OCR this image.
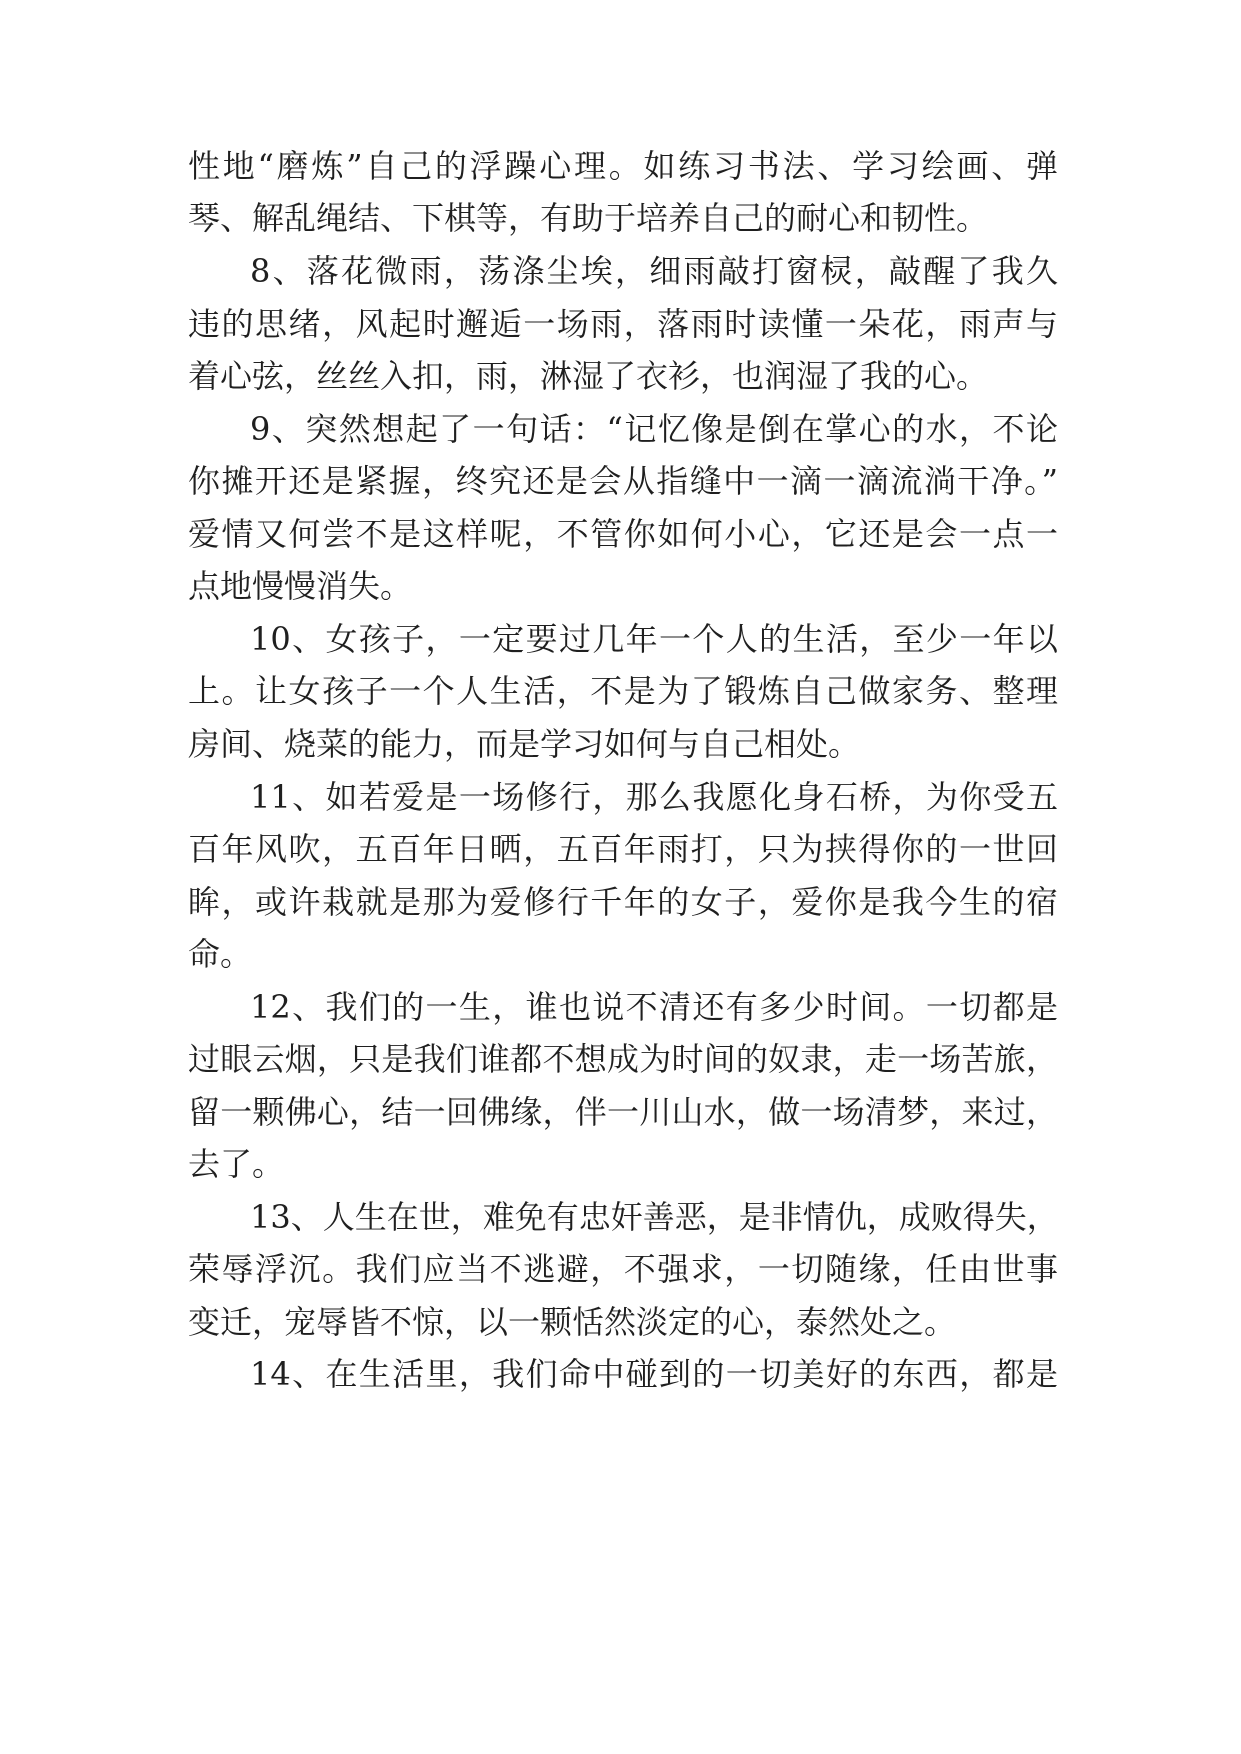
性地“磨炼”自己的浮躁心理。如练习书法、学习绘画、弹
琴、解乱绳结、下棋等，有助于培养自己的耐心和韧性。
8、落花微雨，荡涤尘埃，细雨敲打窗棂，敲醒了我久
违的思绪，风起时邂逅一场雨，落雨时读懂一朵花，雨声与
着心弦，丝丝入扣，雨，淋湿了衣衫，也润湿了我的心。
9、突然想起了一句话：“记忆像是倒在掌心的水，不论
你摊开还是紧握，终究还是会从指缝中一滴一滴流淌干净。”
爱情又何尝不是这样呢，不管你如何小心，它还是会一点一
点地慢慢消失。
10、女孩子，一定要过几年一个人的生活，至少一年以
上。让女孩子一个人生活，不是为了锻炼自己做家务、整理
房间、烧菜的能力，而是学习如何与自己相处。
11、如若爱是一场修行，那么我愿化身石桥，为你受五
百年风吹，五百年日晒，五百年雨打，只为挟得你的一世回
眸，或许栽就是那为爱修行千年的女子，爱你是我今生的宿
命。
12、我们的一生，谁也说不清还有多少时间。一切都是
过眼云烟，只是我们谁都不想成为时间的奴隶，走一场苦旅，
留一颗佛心，结一回佛缘，伴一川山水，做一场清梦，来过，
去了。
13、人生在世，难免有忠奸善恶，是非情仇，成败得失，
荣辱浮沉。我们应当不逃避，不强求，一切随缘，任由世事
变迁，宠辱皆不惊，以一颗恬然淡定的心，泰然处之。
14、在生活里，我们命中碰到的一切美好的东西，都是
